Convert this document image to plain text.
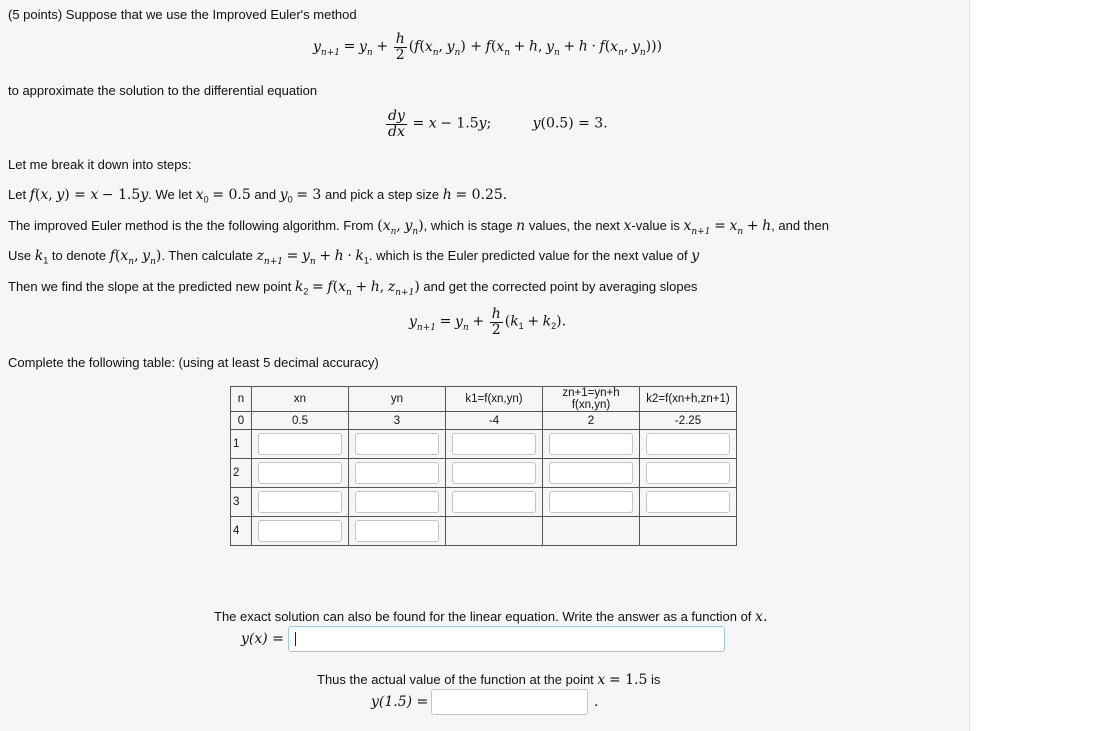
(5 points) Suppose that we use the Improved Euler's method
$y_{n+1} = y_n + \frac{h}{2} (f(x_n$, $y_n) + f(x_n + h$, $y_n + h \cdot f(x_n$, $y_n$)))
to approximate the solution to the differential equation
$\frac{dy}{dx} = x - 1.5y$;	y(0.5) = 3.
Let me break it down into steps:
Let f(x, y) = x − 1.5y. We let $x_0 = 0.5$ and $y_0 = 3$ and pick a step size h = 0.25.
The improved Euler method is the the following algorithm. From ($x_n$, $y_n$), which is stage n values, the next x-value is $x_{n+1} = x_n + h$, and then
Use $k_1$ to denote $f(x_n$, $y_n$). Then calculate $z_{n+1} = y_n + h \cdot k_1$. which is the Euler predicted value for the next value of y
Then we find the slope at the predicted new point $k_2 = f(x_n + h$, $z_{n+1}$) and get the corrected point by averaging slopes
$y_{n+1} = y_n + \frac{h}{2} (k_1 + k_2)$.
Complete the following table: (using at least 5 decimal accuracy)
n	xn	yn	k1=f(xn,yn)	zn+1=yn+h f(xn,yn)	k2=f(xn+h,zn+1)
0	0.5	3	-4	2	-2.25
1	

2	

3	

4	

The exact solution can also be found for the linear equation. Write the answer as a function of x.
y(x) =
Thus the actual value of the function at the point x = 1.5 is
y(1.5) =	.
